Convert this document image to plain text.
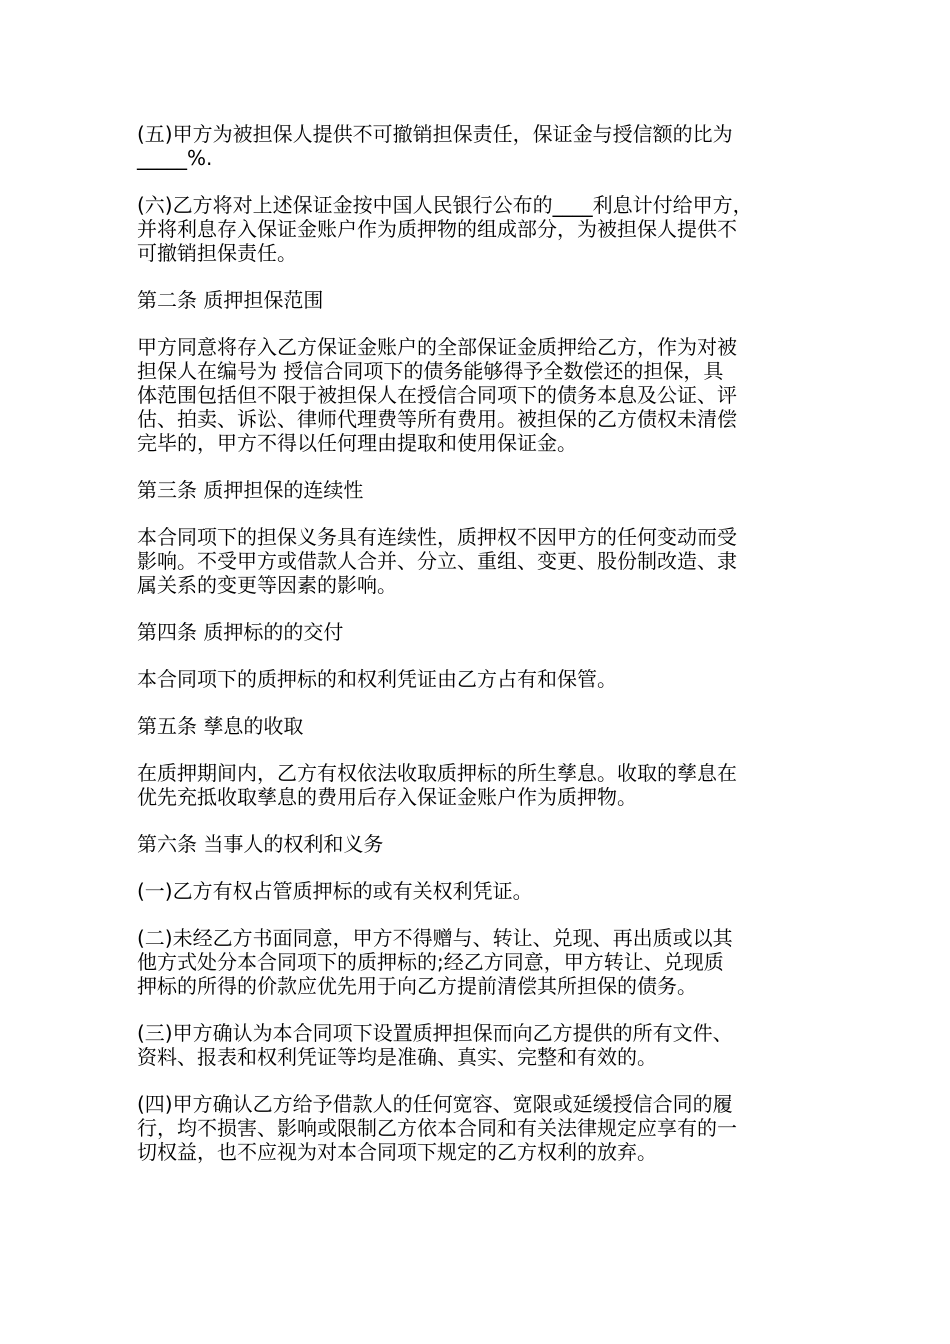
(五)甲方为被担保人提供不可撤销担保责任，保证金与授信额的比为
_____%.

(六)乙方将对上述保证金按中国人民银行公布的____利息计付给甲方，
并将利息存入保证金账户作为质押物的组成部分，为被担保人提供不
可撤销担保责任。

第二条 质押担保范围

甲方同意将存入乙方保证金账户的全部保证金质押给乙方，作为对被
担保人在编号为 授信合同项下的债务能够得予全数偿还的担保，具
体范围包括但不限于被担保人在授信合同项下的债务本息及公证、评
估、拍卖、诉讼、律师代理费等所有费用。被担保的乙方债权未清偿
完毕的，甲方不得以任何理由提取和使用保证金。

第三条 质押担保的连续性

本合同项下的担保义务具有连续性，质押权不因甲方的任何变动而受
影响。不受甲方或借款人合并、分立、重组、变更、股份制改造、隶
属关系的变更等因素的影响。

第四条 质押标的的交付

本合同项下的质押标的和权利凭证由乙方占有和保管。

第五条 孳息的收取

在质押期间内，乙方有权依法收取质押标的所生孳息。收取的孳息在
优先充抵收取孳息的费用后存入保证金账户作为质押物。

第六条 当事人的权利和义务

(一)乙方有权占管质押标的或有关权利凭证。

(二)未经乙方书面同意，甲方不得赠与、转让、兑现、再出质或以其
他方式处分本合同项下的质押标的;经乙方同意，甲方转让、兑现质
押标的所得的价款应优先用于向乙方提前清偿其所担保的债务。

(三)甲方确认为本合同项下设置质押担保而向乙方提供的所有文件、
资料、报表和权利凭证等均是准确、真实、完整和有效的。

(四)甲方确认乙方给予借款人的任何宽容、宽限或延缓授信合同的履
行，均不损害、影响或限制乙方依本合同和有关法律规定应享有的一
切权益，也不应视为对本合同项下规定的乙方权利的放弃。
